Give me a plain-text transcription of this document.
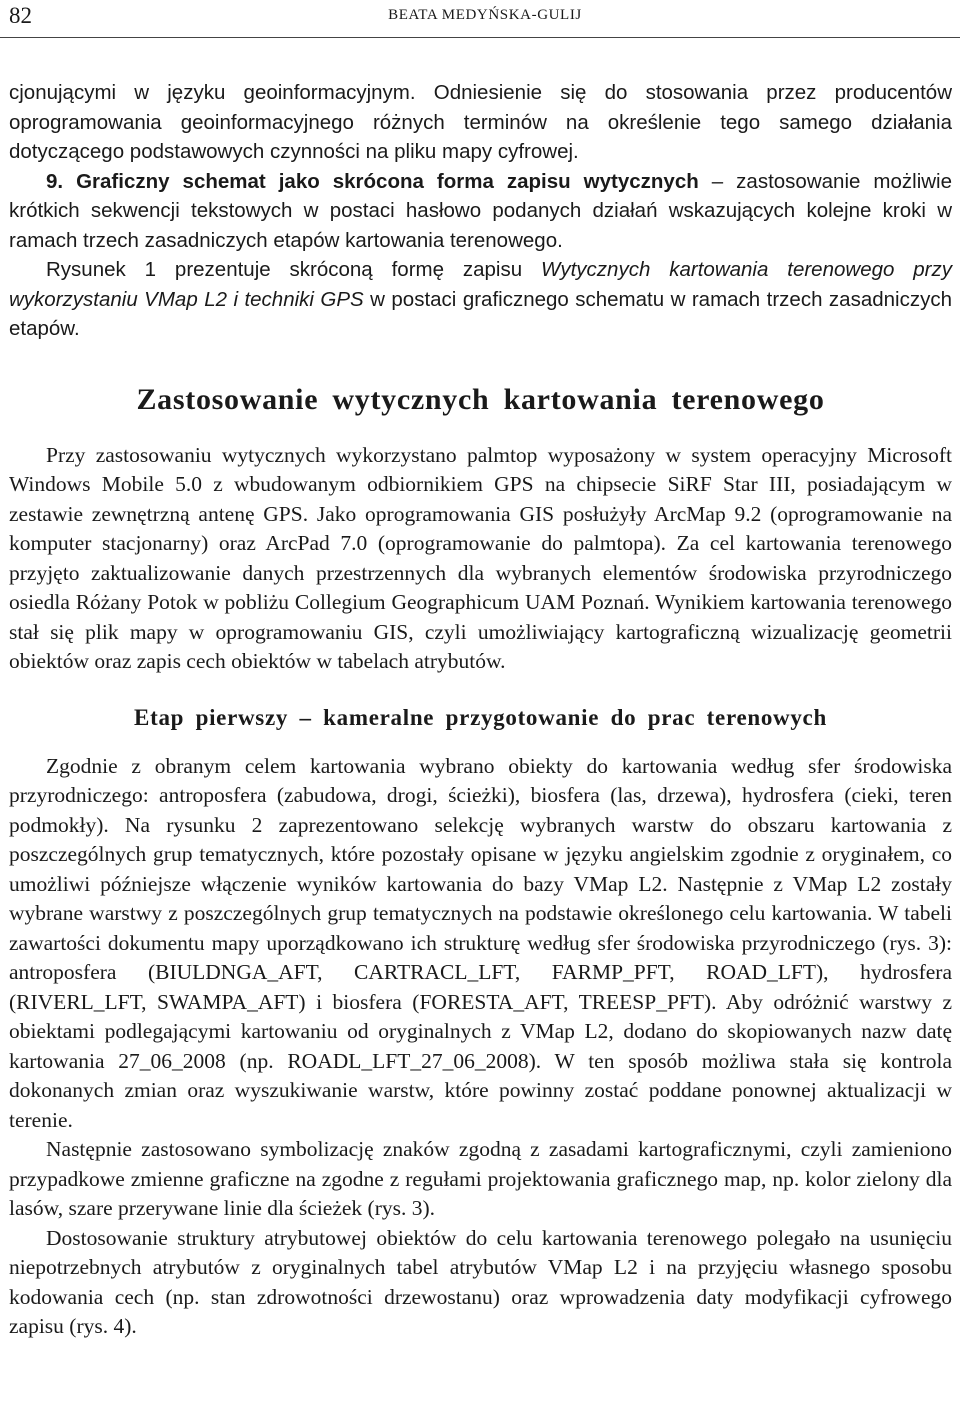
82	BEATA MEDYŃSKA-GULIJ

cjonującymi w języku geoinformacyjnym. Odniesienie się do stosowania przez producentów oprogramowania geoinformacyjnego różnych terminów na określenie tego samego działania dotyczącego podstawowych czynności na pliku mapy cyfrowej.

9. Graficzny schemat jako skrócona forma zapisu wytycznych – zastosowanie możliwie krótkich sekwencji tekstowych w postaci hasłowo podanych działań wskazujących kolejne kroki w ramach trzech zasadniczych etapów kartowania terenowego.

Rysunek 1 prezentuje skróconą formę zapisu Wytycznych kartowania terenowego przy wykorzystaniu VMap L2 i techniki GPS w postaci graficznego schematu w ramach trzech zasadniczych etapów.

Zastosowanie wytycznych kartowania terenowego

Przy zastosowaniu wytycznych wykorzystano palmtop wyposażony w system operacyjny Microsoft Windows Mobile 5.0 z wbudowanym odbiornikiem GPS na chipsecie SiRF Star III, posiadającym w zestawie zewnętrzną antenę GPS. Jako oprogramowania GIS posłużyły ArcMap 9.2 (oprogramowanie na komputer stacjonarny) oraz ArcPad 7.0 (oprogramowanie do palmtopa). Za cel kartowania terenowego przyjęto zaktualizowanie danych przestrzennych dla wybranych elementów środowiska przyrodniczego osiedla Różany Potok w pobliżu Collegium Geographicum UAM Poznań. Wynikiem kartowania terenowego stał się plik mapy w oprogramowaniu GIS, czyli umożliwiający kartograficzną wizualizację geometrii obiektów oraz zapis cech obiektów w tabelach atrybutów.

Etap pierwszy – kameralne przygotowanie do prac terenowych

Zgodnie z obranym celem kartowania wybrano obiekty do kartowania według sfer środowiska przyrodniczego: antroposfera (zabudowa, drogi, ścieżki), biosfera (las, drzewa), hydrosfera (cieki, teren podmokły). Na rysunku 2 zaprezentowano selekcję wybranych warstw do obszaru kartowania z poszczególnych grup tematycznych, które pozostały opisane w języku angielskim zgodnie z oryginałem, co umożliwi późniejsze włączenie wyników kartowania do bazy VMap L2. Następnie z VMap L2 zostały wybrane warstwy z poszczególnych grup tematycznych na podstawie określonego celu kartowania. W tabeli zawartości dokumentu mapy uporządkowano ich strukturę według sfer środowiska przyrodniczego (rys. 3): antroposfera (BIULDNGA_AFT, CARTRACL_LFT, FARMP_PFT, ROAD_LFT), hydrosfera (RIVERL_LFT, SWAMPA_AFT) i biosfera (FORESTA_AFT, TREESP_PFT). Aby odróżnić warstwy z obiektami podlegającymi kartowaniu od oryginalnych z VMap L2, dodano do skopiowanych nazw datę kartowania 27_06_2008 (np. ROADL_LFT_27_06_2008). W ten sposób możliwa stała się kontrola dokonanych zmian oraz wyszukiwanie warstw, które powinny zostać poddane ponownej aktualizacji w terenie.

Następnie zastosowano symbolizację znaków zgodną z zasadami kartograficznymi, czyli zamieniono przypadkowe zmienne graficzne na zgodne z regułami projektowania graficznego map, np. kolor zielony dla lasów, szare przerywane linie dla ścieżek (rys. 3).

Dostosowanie struktury atrybutowej obiektów do celu kartowania terenowego polegało na usunięciu niepotrzebnych atrybutów z oryginalnych tabel atrybutów VMap L2 i na przyjęciu własnego sposobu kodowania cech (np. stan zdrowotności drzewostanu) oraz wprowadzenia daty modyfikacji cyfrowego zapisu (rys. 4).
